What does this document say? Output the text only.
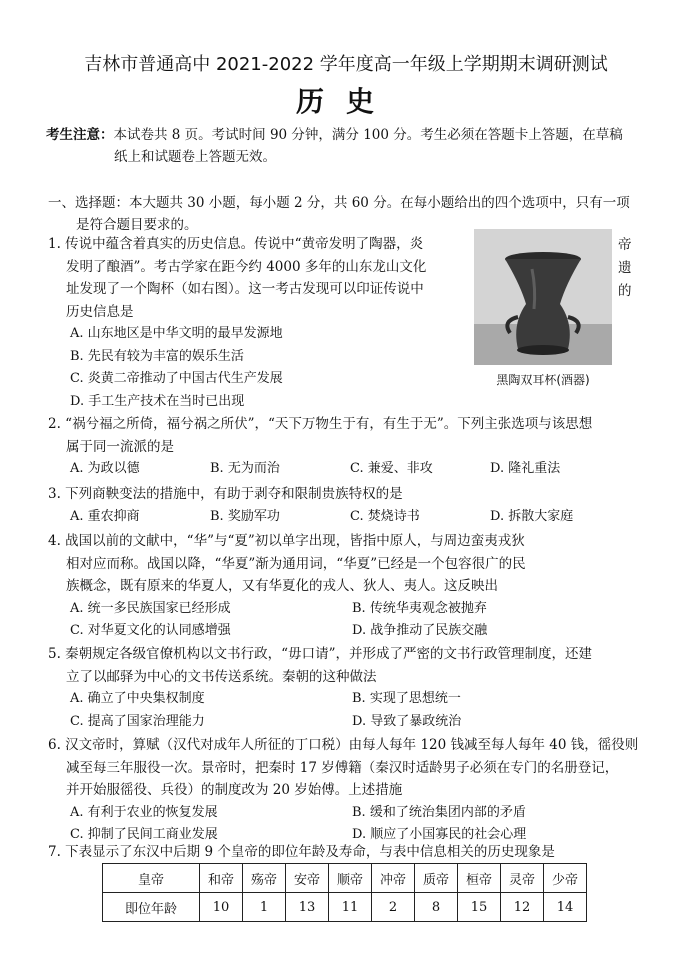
吉林市普通高中 2021-2022 学年度高一年级上学期期末调研测试
历史
考生注意：本试卷共 8 页。考试时间 90 分钟，满分 100 分。考生必须在答题卡上答题，在草稿
纸上和试题卷上答题无效。
一、选择题：本大题共 30 小题，每小题 2 分，共 60 分。在每小题给出的四个选项中，只有一项
是符合题目要求的。
1. 传说中蕴含着真实的历史信息。传说中“黄帝发明了陶器，炎
发明了酿酒”。考古学家在距今约 4000 多年的山东龙山文化
址发现了一个陶杯（如右图）。这一考古发现可以印证传说中
历史信息是
A. 山东地区是中华文明的最早发源地
B. 先民有较为丰富的娱乐生活
C. 炎黄二帝推动了中国古代生产发展
D. 手工生产技术在当时已出现
帝
遗
的
黑陶双耳杯(酒器)
2. “祸兮福之所倚，福兮祸之所伏”，“天下万物生于有，有生于无”。下列主张选项与该思想
属于同一流派的是
A. 为政以德	B. 无为而治	C. 兼爱、非攻	D. 隆礼重法
3. 下列商鞅变法的措施中，有助于剥夺和限制贵族特权的是
A. 重农抑商	B. 奖励军功	C. 焚烧诗书	D. 拆散大家庭
4. 战国以前的文献中，“华”与“夏”初以单字出现，皆指中原人，与周边蛮夷戎狄
相对应而称。战国以降，“华夏”渐为通用词，“华夏”已经是一个包容很广的民
族概念，既有原来的华夏人，又有华夏化的戎人、狄人、夷人。这反映出
A. 统一多民族国家已经形成	B. 传统华夷观念被抛弃
C. 对华夏文化的认同感增强	D. 战争推动了民族交融
5. 秦朝规定各级官僚机构以文书行政，“毋口请”，并形成了严密的文书行政管理制度，还建
立了以邮驿为中心的文书传送系统。秦朝的这种做法
A. 确立了中央集权制度	B. 实现了思想统一
C. 提高了国家治理能力	D. 导致了暴政统治
6. 汉文帝时，算赋（汉代对成年人所征的丁口税）由每人每年 120 钱减至每人每年 40 钱，徭役则
减至每三年服役一次。景帝时，把秦时 17 岁傅籍（秦汉时适龄男子必须在专门的名册登记，
并开始服徭役、兵役）的制度改为 20 岁始傅。上述措施
A. 有利于农业的恢复发展	B. 缓和了统治集团内部的矛盾
C. 抑制了民间工商业发展	D. 顺应了小国寡民的社会心理
7. 下表显示了东汉中后期 9 个皇帝的即位年龄及寿命，与表中信息相关的历史现象是
皇帝	和帝	殇帝	安帝	顺帝	冲帝	质帝	桓帝	灵帝	少帝
即位年龄	10	1	13	11	2	8	15	12	14
